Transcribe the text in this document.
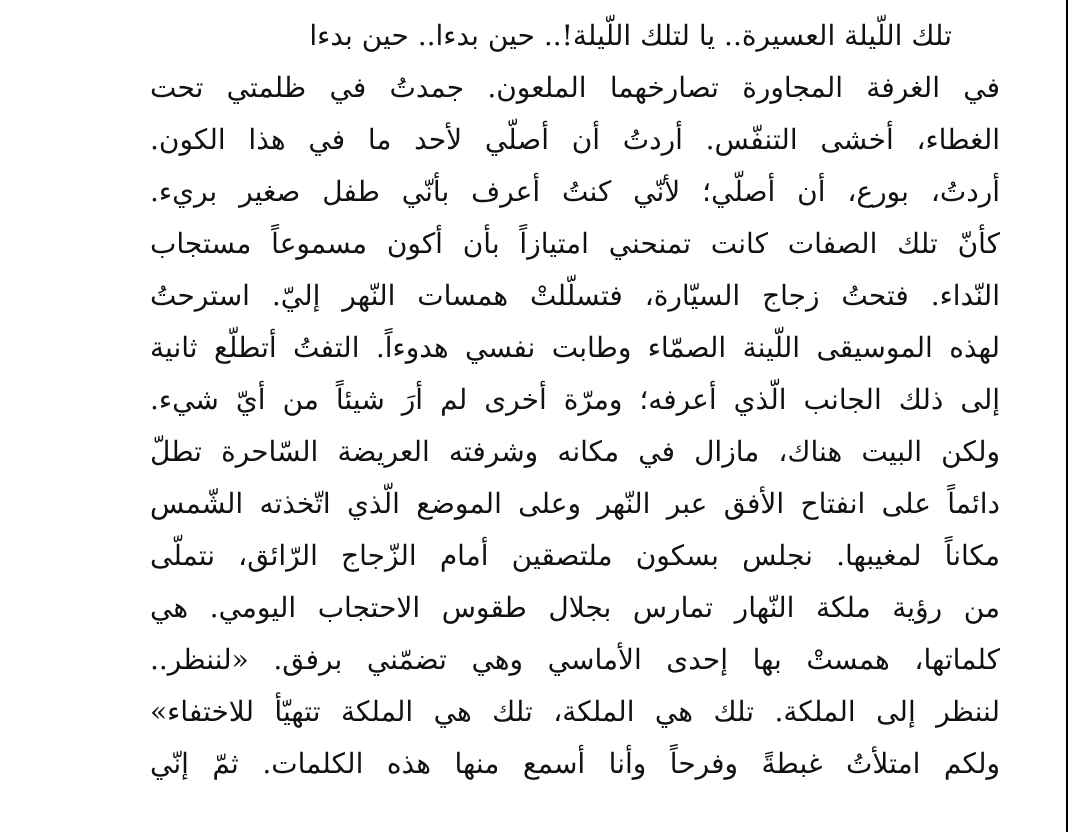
تلك اللّيلة العسيرة.. يا لتلك اللّيلة!.. حين بدءا.. حين بدءا
في الغرفة المجاورة تصارخهما الملعون. جمدتُ في ظلمتي تحت
الغطاء، أخشى التنفّس. أردتُ أن أصلّي لأحد ما في هذا الكون.
أردتُ، بورع، أن أصلّي؛ لأنّي كنتُ أعرف بأنّي طفل صغير بريء.
كأنّ تلك الصفات كانت تمنحني امتيازاً بأن أكون مسموعاً مستجاب
النّداء. فتحتُ زجاج السيّارة، فتسلّلتْ همسات النّهر إليّ. استرحتُ
لهذه الموسيقى اللّينة الصمّاء وطابت نفسي هدوءاً. التفتُ أتطلّع ثانية
إلى ذلك الجانب الّذي أعرفه؛ ومرّة أخرى لم أرَ شيئاً من أيّ شيء.
ولكن البيت هناك، مازال في مكانه وشرفته العريضة السّاحرة تطلّ
دائماً على انفتاح الأفق عبر النّهر وعلى الموضع الّذي اتّخذته الشّمس
مكاناً لمغيبها. نجلس بسكون ملتصقين أمام الزّجاج الرّائق، نتملّى
من رؤية ملكة النّهار تمارس بجلال طقوس الاحتجاب اليومي. هي
كلماتها، همستْ بها إحدى الأماسي وهي تضمّني برفق. «لننظر..
لننظر إلى الملكة. تلك هي الملكة، تلك هي الملكة تتهيّأ للاختفاء»
ولكم امتلأتُ غبطةً وفرحاً وأنا أسمع منها هذه الكلمات. ثمّ إنّي
